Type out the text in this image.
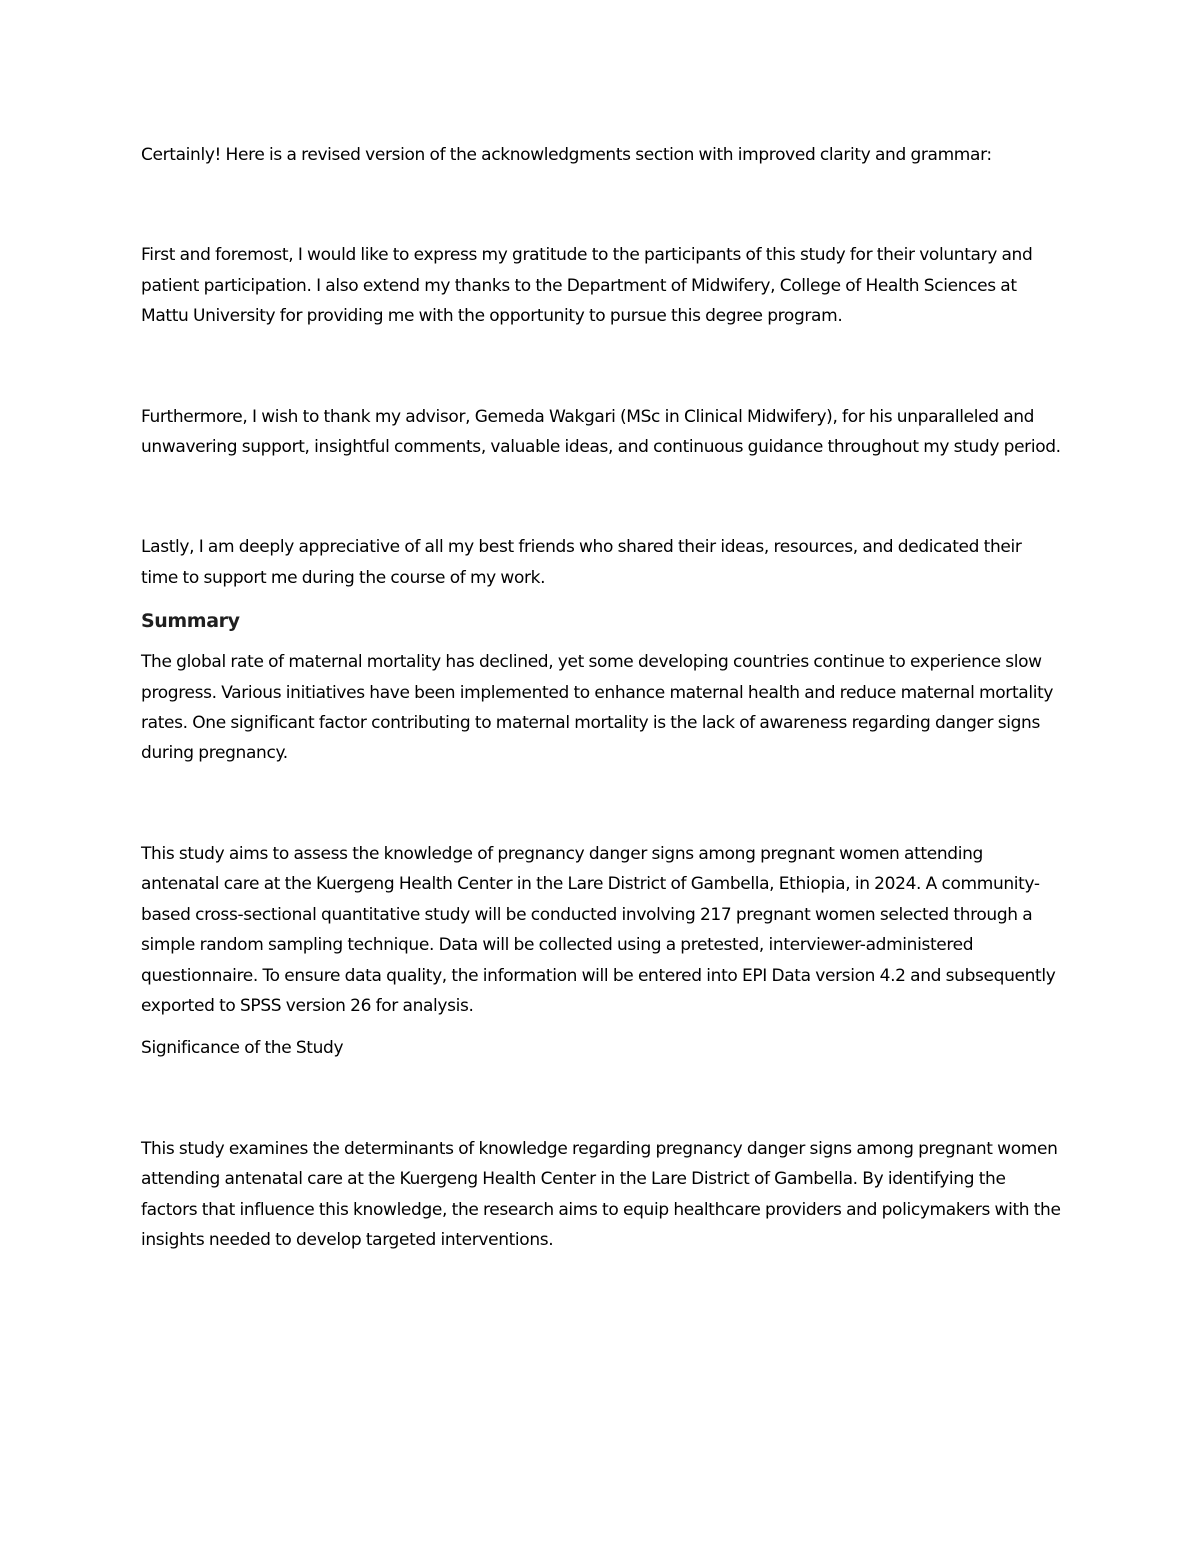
Certainly! Here is a revised version of the acknowledgments section with improved clarity and grammar:

First and foremost, I would like to express my gratitude to the participants of this study for their voluntary and patient participation. I also extend my thanks to the Department of Midwifery, College of Health Sciences at Mattu University for providing me with the opportunity to pursue this degree program.

Furthermore, I wish to thank my advisor, Gemeda Wakgari (MSc in Clinical Midwifery), for his unparalleled and unwavering support, insightful comments, valuable ideas, and continuous guidance throughout my study period.

Lastly, I am deeply appreciative of all my best friends who shared their ideas, resources, and dedicated their time to support me during the course of my work.

Summary

The global rate of maternal mortality has declined, yet some developing countries continue to experience slow progress. Various initiatives have been implemented to enhance maternal health and reduce maternal mortality rates. One significant factor contributing to maternal mortality is the lack of awareness regarding danger signs during pregnancy.

This study aims to assess the knowledge of pregnancy danger signs among pregnant women attending antenatal care at the Kuergeng Health Center in the Lare District of Gambella, Ethiopia, in 2024. A community-based cross-sectional quantitative study will be conducted involving 217 pregnant women selected through a simple random sampling technique. Data will be collected using a pretested, interviewer-administered questionnaire. To ensure data quality, the information will be entered into EPI Data version 4.2 and subsequently exported to SPSS version 26 for analysis.

Significance of the Study

This study examines the determinants of knowledge regarding pregnancy danger signs among pregnant women attending antenatal care at the Kuergeng Health Center in the Lare District of Gambella. By identifying the factors that influence this knowledge, the research aims to equip healthcare providers and policymakers with the insights needed to develop targeted interventions.
